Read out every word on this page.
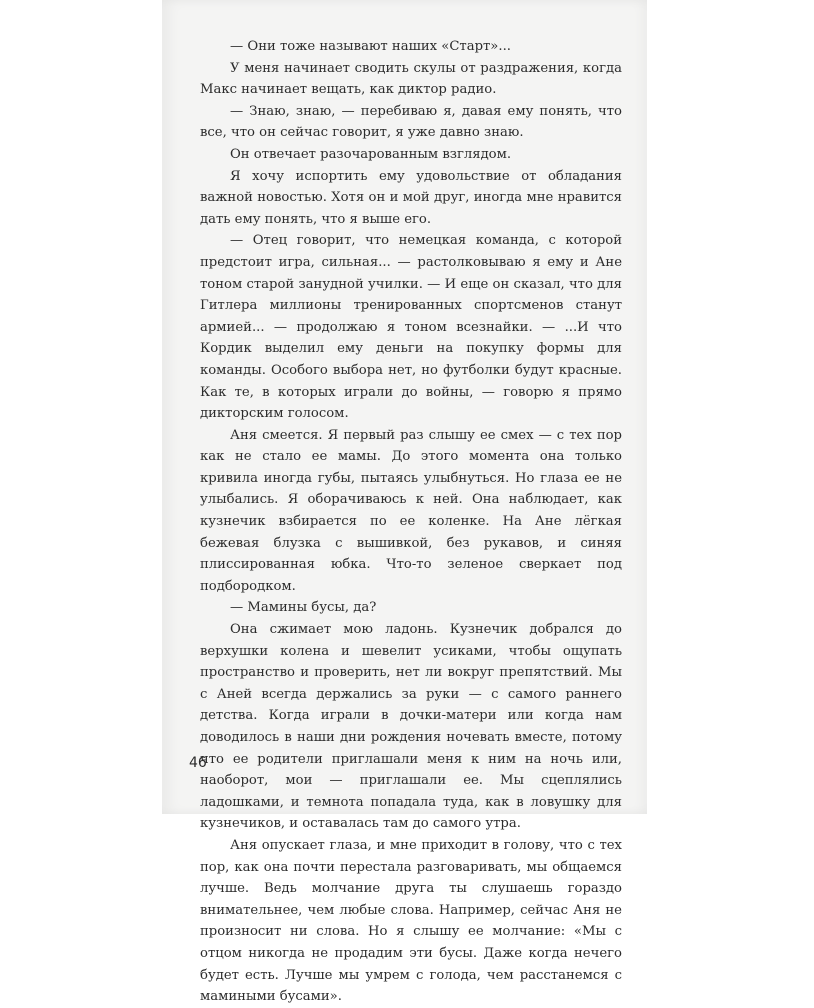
— Они тоже называют наших «Старт»...

У меня начинает сводить скулы от раздражения, когда Макс начинает вещать, как диктор радио.

— Знаю, знаю, — перебиваю я, давая ему понять, что все, что он сейчас говорит, я уже давно знаю.

Он отвечает разочарованным взглядом.

Я хочу испортить ему удовольствие от обладания важной новостью. Хотя он и мой друг, иногда мне нравится дать ему понять, что я выше его.

— Отец говорит, что немецкая команда, с которой предстоит игра, сильная... — растолковываю я ему и Ане тоном старой занудной училки. — И еще он сказал, что для Гитлера миллионы тренированных спортсменов станут армией... — продолжаю я тоном всезнайки. — ...И что Кордик выделил ему деньги на покупку формы для команды. Особого выбора нет, но футболки будут красные. Как те, в которых играли до войны, — говорю я прямо дикторским голосом.

Аня смеется. Я первый раз слышу ее смех — с тех пор как не стало ее мамы. До этого момента она только кривила иногда губы, пытаясь улыбнуться. Но глаза ее не улыбались. Я оборачиваюсь к ней. Она наблюдает, как кузнечик взбирается по ее коленке. На Ане лёгкая бежевая блузка с вышивкой, без рукавов, и синяя плиссированная юбка. Что-то зеленое сверкает под подбородком.

— Мамины бусы, да?

Она сжимает мою ладонь. Кузнечик добрался до верхушки колена и шевелит усиками, чтобы ощупать пространство и проверить, нет ли вокруг препятствий. Мы с Аней всегда держались за руки — с самого раннего детства. Когда играли в дочки-матери или когда нам доводилось в наши дни рождения ночевать вместе, потому что ее родители приглашали меня к ним на ночь или, наоборот, мои — приглашали ее. Мы сцеплялись ладошками, и темнота попадала туда, как в ловушку для кузнечиков, и оставалась там до самого утра.

Аня опускает глаза, и мне приходит в голову, что с тех пор, как она почти перестала разговаривать, мы общаемся лучше. Ведь молчание друга ты слушаешь гораздо внимательнее, чем любые слова. Например, сейчас Аня не произносит ни слова. Но я слышу ее молчание: «Мы с отцом никогда не продадим эти бусы. Даже когда нечего будет есть. Лучше мы умрем с голода, чем расстанемся с мамиными бусами».

46
